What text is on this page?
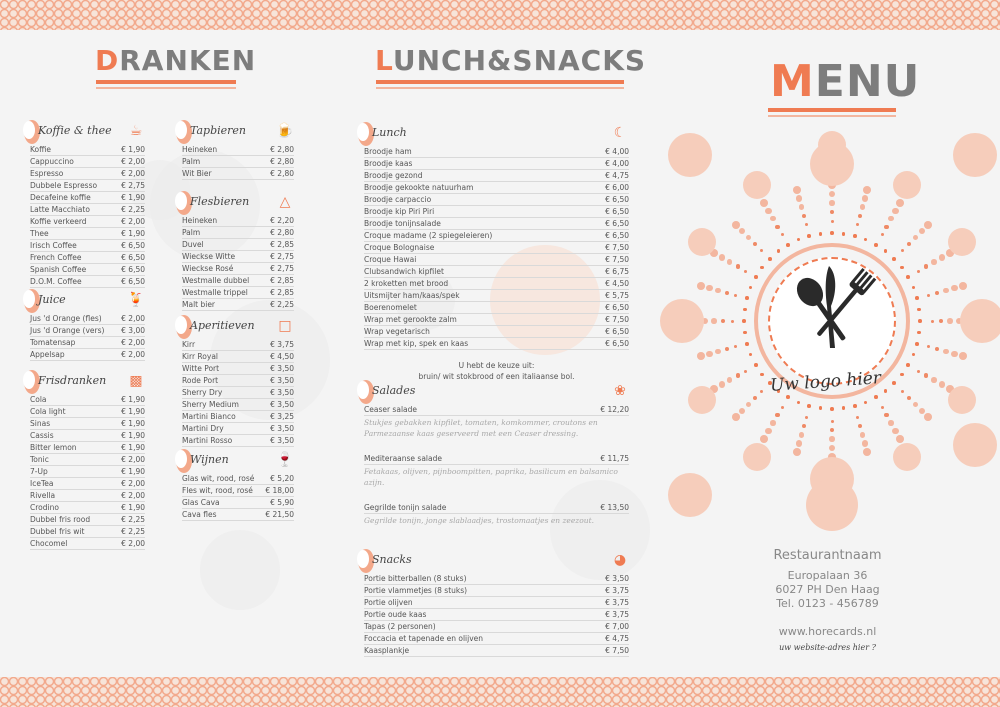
DRANKEN	LUNCH&SNACKS	MENU
Koffie & thee ☕
Koffie	€ 1,90
Cappuccino	€ 2,00
Espresso	€ 2,00
Dubbele Espresso	€ 2,75
Decafeine koffie	€ 1,90
Latte Macchiato	€ 2,25
Koffie verkeerd	€ 2,00
Thee	€ 1,90
Irisch Coffee	€ 6,50
French Coffee	€ 6,50
Spanish Coffee	€ 6,50
D.O.M. Coffee	€ 6,50
Juice	🍹
Jus 'd Orange (fles)	€ 2,00
Jus 'd Orange (vers) € 3,00
Tomatensap	€ 2,00
Appelsap	€ 2,00
Frisdranken ▩
Cola	€ 1,90
Cola light	€ 1,90
Sinas	€ 1,90
Cassis	€ 1,90
Bitter lemon	€ 1,90
Tonic	€ 2,00
7-Up	€ 1,90
IceTea	€ 2,00
Rivella	€ 2,00
Crodino	€ 1,90
Dubbel fris rood	€ 2,25
Dubbel fris wit	€ 2,25
Chocomel	€ 2,00
Tapbieren 🍺
Heineken	€ 2,80
Palm	€ 2,80
Wit Bier	€ 2,80
Flesbieren △
Heineken	€ 2,20
Palm	€ 2,80
Duvel	€ 2,85
Wieckse Witte	€ 2,75
Wieckse Rosé	€ 2,75
Westmalle dubbel	€ 2,85
Westmalle trippel	€ 2,85
Malt bier	€ 2,25
Aperitieven □
Kirr	€ 3,75
Kirr Royal	€ 4,50
Witte Port	€ 3,50
Rode Port	€ 3,50
Sherry Dry	€ 3,50
Sherry Medium	€ 3,50
Martini Bianco	€ 3,25
Martini Dry	€ 3,50
Martini Rosso	€ 3,50
Wijnen	🍷
Glas wit, rood, rosé € 5,20
Fles wit, rood, rosé € 18,00
Glas Cava	€ 5,90
Cava fles	€ 21,50
Lunch	☾
Broodje ham	€ 4,00
Broodje kaas	€ 4,00
Broodje gezond	€ 4,75
Broodje gekookte natuurham	€ 6,00
Broodje carpaccio	€ 6,50
Broodje kip Piri Piri	€ 6,50
Broodje tonijnsalade	€ 6,50
Croque madame (2 spiegeleieren)	€ 6,50
Croque Bolognaise	€ 7,50
Croque Hawai	€ 7,50
Clubsandwich kipfilet	€ 6,75
2 kroketten met brood	€ 4,50
Uitsmijter ham/kaas/spek	€ 5,75
Boerenomelet	€ 6,50
Wrap met gerookte zalm	€ 7,50
Wrap vegetarisch	€ 6,50
Wrap met kip, spek en kaas	€ 6,50
U hebt de keuze uit:
bruin/ wit stokbrood of een italiaanse bol.
Salades	❀
Ceaser salade	€ 12,20
Stukjes gebakken kipfilet, tomaten, komkommer, croutons en Parmezaanse kaas geserveerd met een Ceaser dressing.
Mediteraanse salade	€ 11,75
Fetakaas, olijven, pijnboompitten, paprika, basilicum en balsamico azijn.
Gegrilde tonijn salade	€ 13,50
Gegrilde tonijn, jonge slablaadjes, trostomaatjes en zeezout.
Snacks	◕
Portie bitterballen (8 stuks)	€ 3,50
Portie vlammetjes (8 stuks)	€ 3,75
Portie olijven	€ 3,75
Portie oude kaas	€ 3,75
Tapas (2 personen)	€ 7,00
Foccacia et tapenade en olijven	€ 4,75
Kaasplankje	€ 7,50
Uw logo hier
Restaurantnaam
Europalaan 36
6027 PH Den Haag
Tel. 0123 - 456789
www.horecards.nl
uw website-adres hier ?
